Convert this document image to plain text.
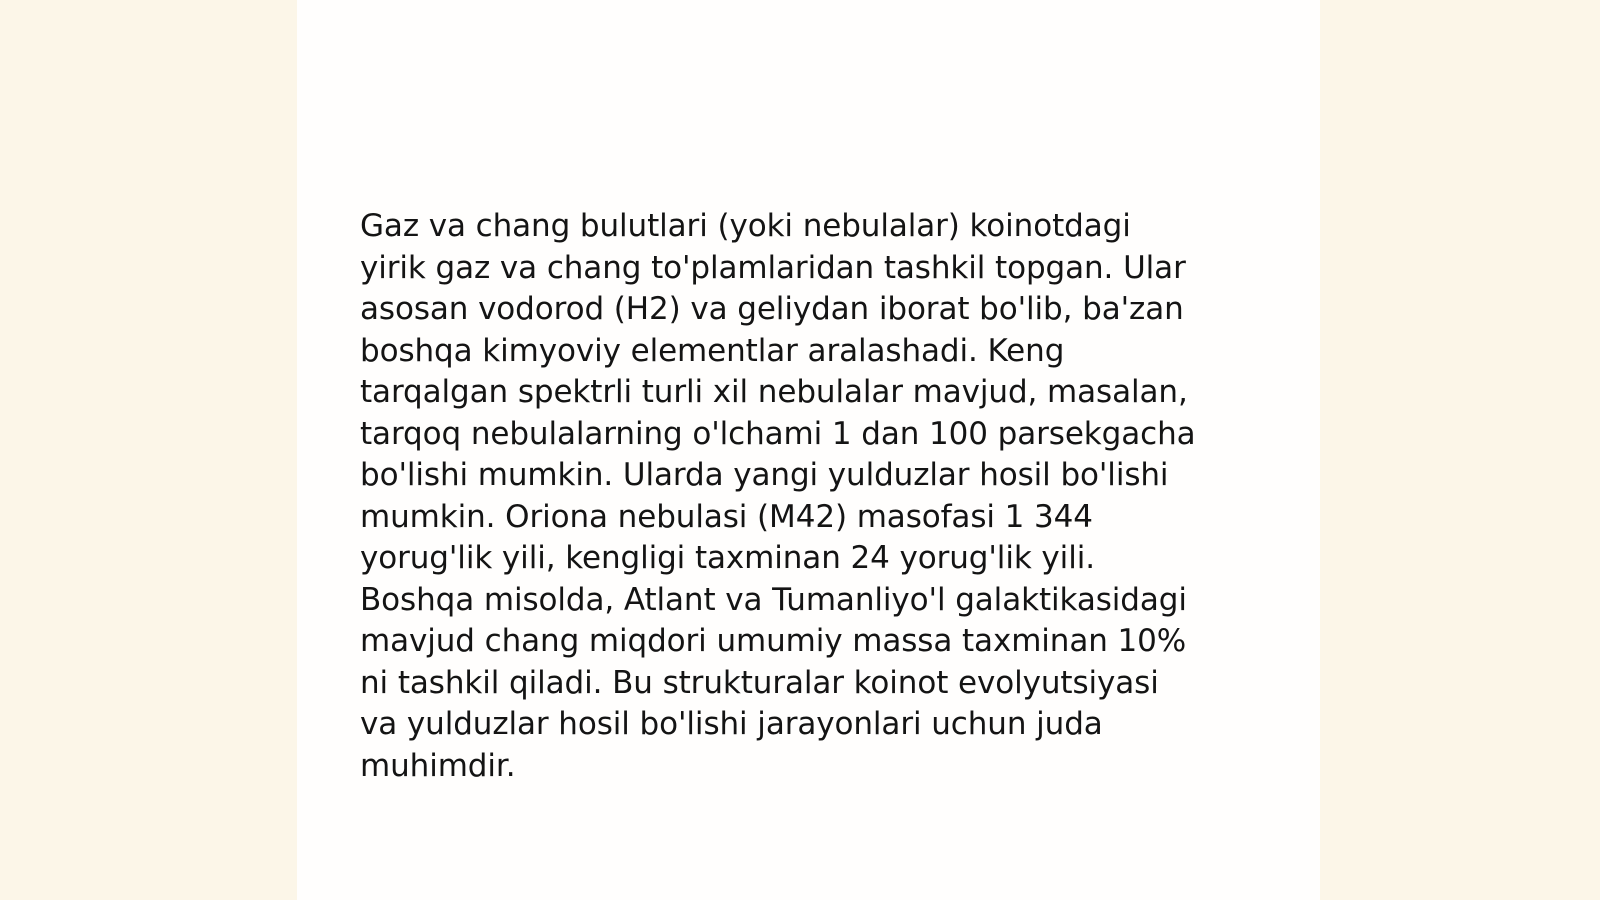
Gaz va chang bulutlari (yoki nebulalar) koinotdagi
yirik gaz va chang to'plamlaridan tashkil topgan. Ular
asosan vodorod (H2) va geliydan iborat bo'lib, ba'zan
boshqa kimyoviy elementlar aralashadi. Keng
tarqalgan spektrli turli xil nebulalar mavjud, masalan,
tarqoq nebulalarning o'lchami 1 dan 100 parsekgacha
bo'lishi mumkin. Ularda yangi yulduzlar hosil bo'lishi
mumkin. Oriona nebulasi (M42) masofasi 1 344
yorug'lik yili, kengligi taxminan 24 yorug'lik yili.
Boshqa misolda, Atlant va Tumanliyo'l galaktikasidagi
mavjud chang miqdori umumiy massa taxminan 10%
ni tashkil qiladi. Bu strukturalar koinot evolyutsiyasi
va yulduzlar hosil bo'lishi jarayonlari uchun juda
muhimdir.
